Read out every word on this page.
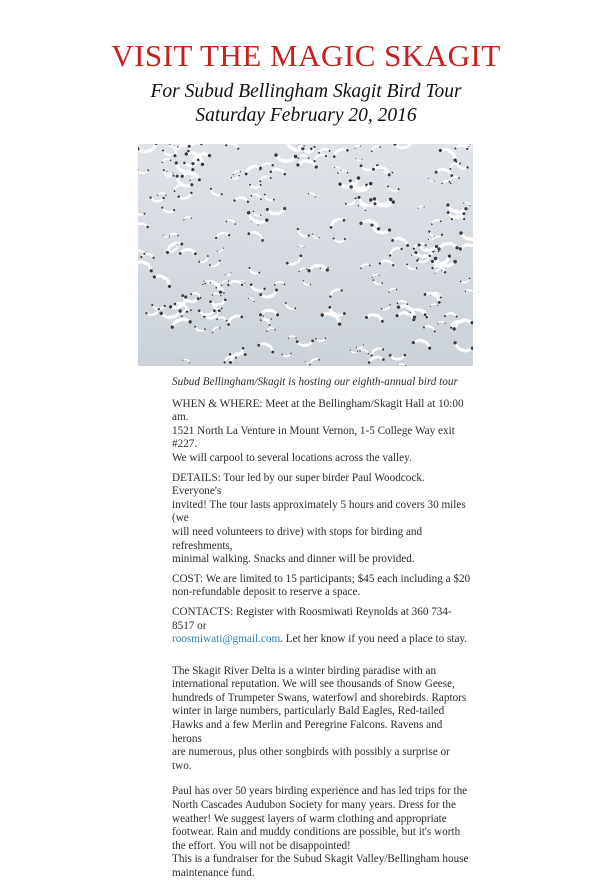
VISIT THE MAGIC SKAGIT
For Subud Bellingham Skagit Bird Tour
Saturday February 20, 2016

Subud Bellingham/Skagit is hosting our eighth-annual bird tour

WHEN & WHERE: Meet at the Bellingham/Skagit Hall at 10:00 am.

1521 North La Venture in Mount Vernon, 1-5 College Way exit #227.

We will carpool to several locations across the valley.

DETAILS: Tour led by our super birder Paul Woodcock. Everyone's

invited! The tour lasts approximately 5 hours and covers 30 miles (we

will need volunteers to drive) with stops for birding and refreshments,

minimal walking. Snacks and dinner will be provided.

COST: We are limited to 15 participants; $45 each including a $20

non-refundable deposit to reserve a space.

CONTACTS: Register with Roosmiwati Reynolds at 360 734-8517 or

roosmiwati@gmail.com. Let her know if you need a place to stay.

The Skagit River Delta is a winter birding paradise with an

international reputation. We will see thousands of Snow Geese,

hundreds of Trumpeter Swans, waterfowl and shorebirds. Raptors

winter in large numbers, particularly Bald Eagles, Red-tailed

Hawks and a few Merlin and Peregrine Falcons. Ravens and herons

are numerous, plus other songbirds with possibly a surprise or two.

Paul has over 50 years birding experience and has led trips for the

North Cascades Audubon Society for many years. Dress for the

weather! We suggest layers of warm clothing and appropriate

footwear. Rain and muddy conditions are possible, but it's worth

the effort. You will not be disappointed!

This is a fundraiser for the Subud Skagit Valley/Bellingham house

maintenance fund.
